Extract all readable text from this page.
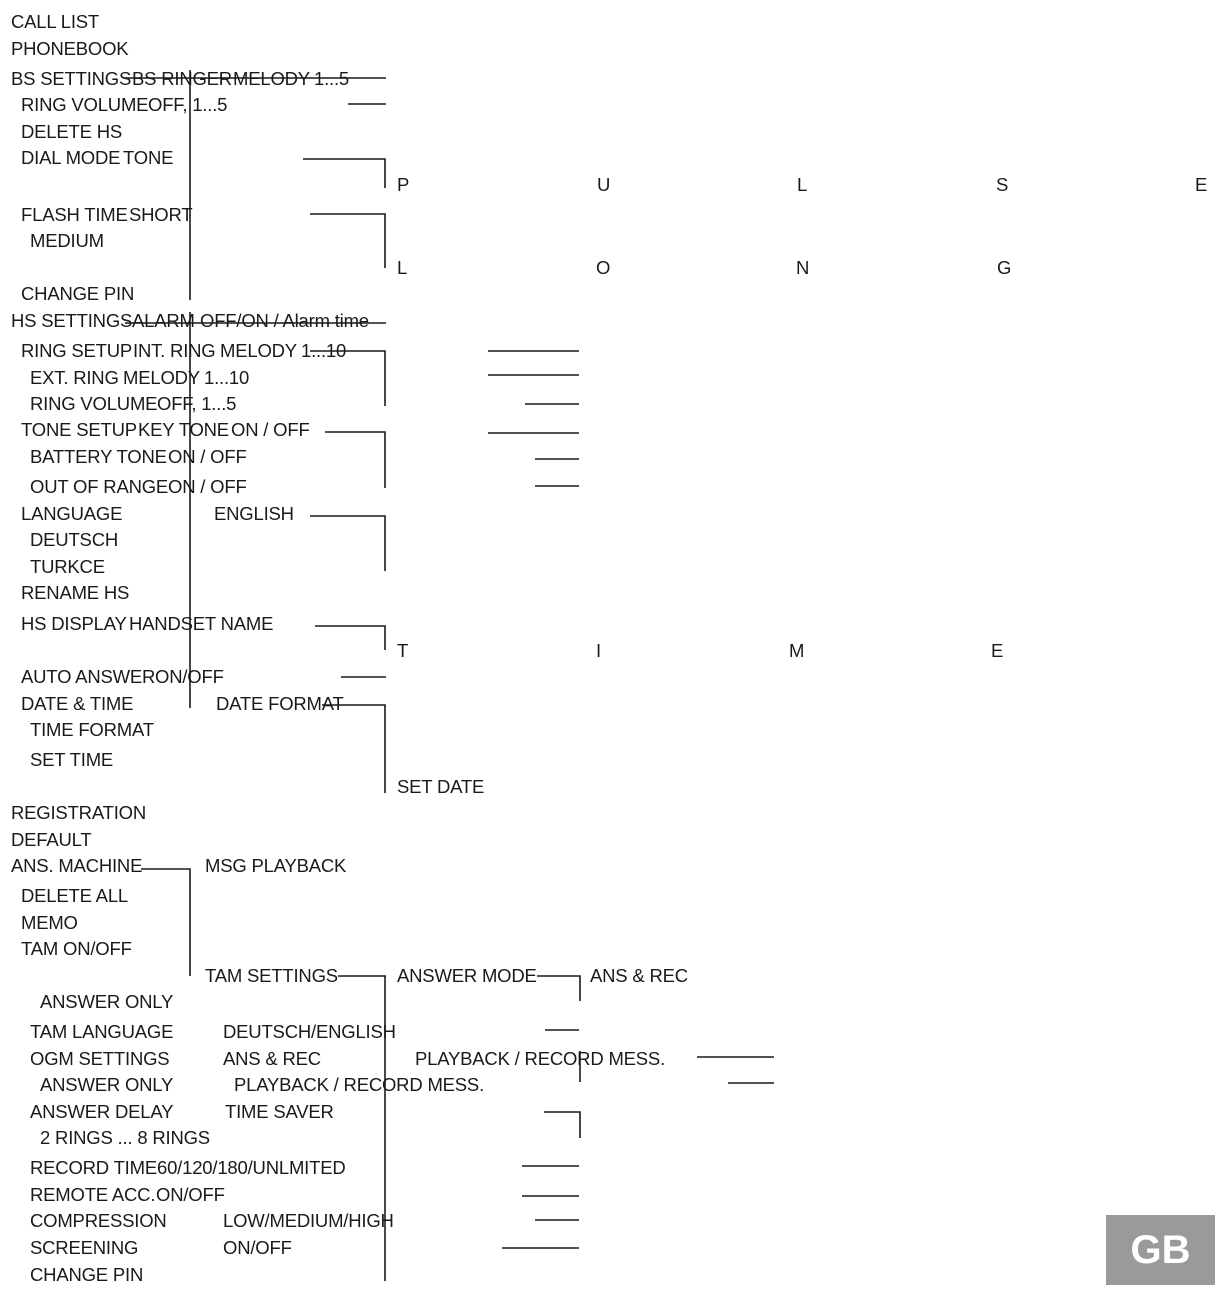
CALL LIST
PHONEBOOK
BS SETTINGS BS RINGER MELODY 1...5
RING VOLUME OFF, 1...5
DELETE HS
DIAL MODE TONE
P	U	L	S	E
FLASH TIME SHORT
MEDIUM
L	O	N	G
CHANGE PIN
HS SETTINGS ALARM OFF/ON / Alarm time
RING SETUP INT. RING MELODY 1...10
EXT. RING MELODY 1...10
RING VOLUME OFF, 1...5
TONE SETUP KEY TONE ON / OFF
BATTERY TONE ON / OFF
OUT OF RANGE ON / OFF
LANGUAGE	ENGLISH
DEUTSCH
TURKCE
RENAME HS
HS DISPLAY HANDSET NAME
T	I	M	E
AUTO ANSWER ON/OFF
DATE & TIME	DATE FORMAT
TIME FORMAT
SET TIME
SET DATE
REGISTRATION
DEFAULT
ANS. MACHINE	MSG PLAYBACK
DELETE ALL
MEMO
TAM ON/OFF
TAM SETTINGS	ANSWER MODE	ANS & REC
ANSWER ONLY
TAM LANGUAGE	DEUTSCH/ENGLISH
OGM SETTINGS	ANS & REC	PLAYBACK / RECORD MESS.
ANSWER ONLY	PLAYBACK / RECORD MESS.
ANSWER DELAY	TIME SAVER
2 RINGS ... 8 RINGS
RECORD TIME 60/120/180/UNLMITED
REMOTE ACC. ON/OFF
COMPRESSION	LOW/MEDIUM/HIGH
SCREENING	ON/OFF
CHANGE PIN
GB
